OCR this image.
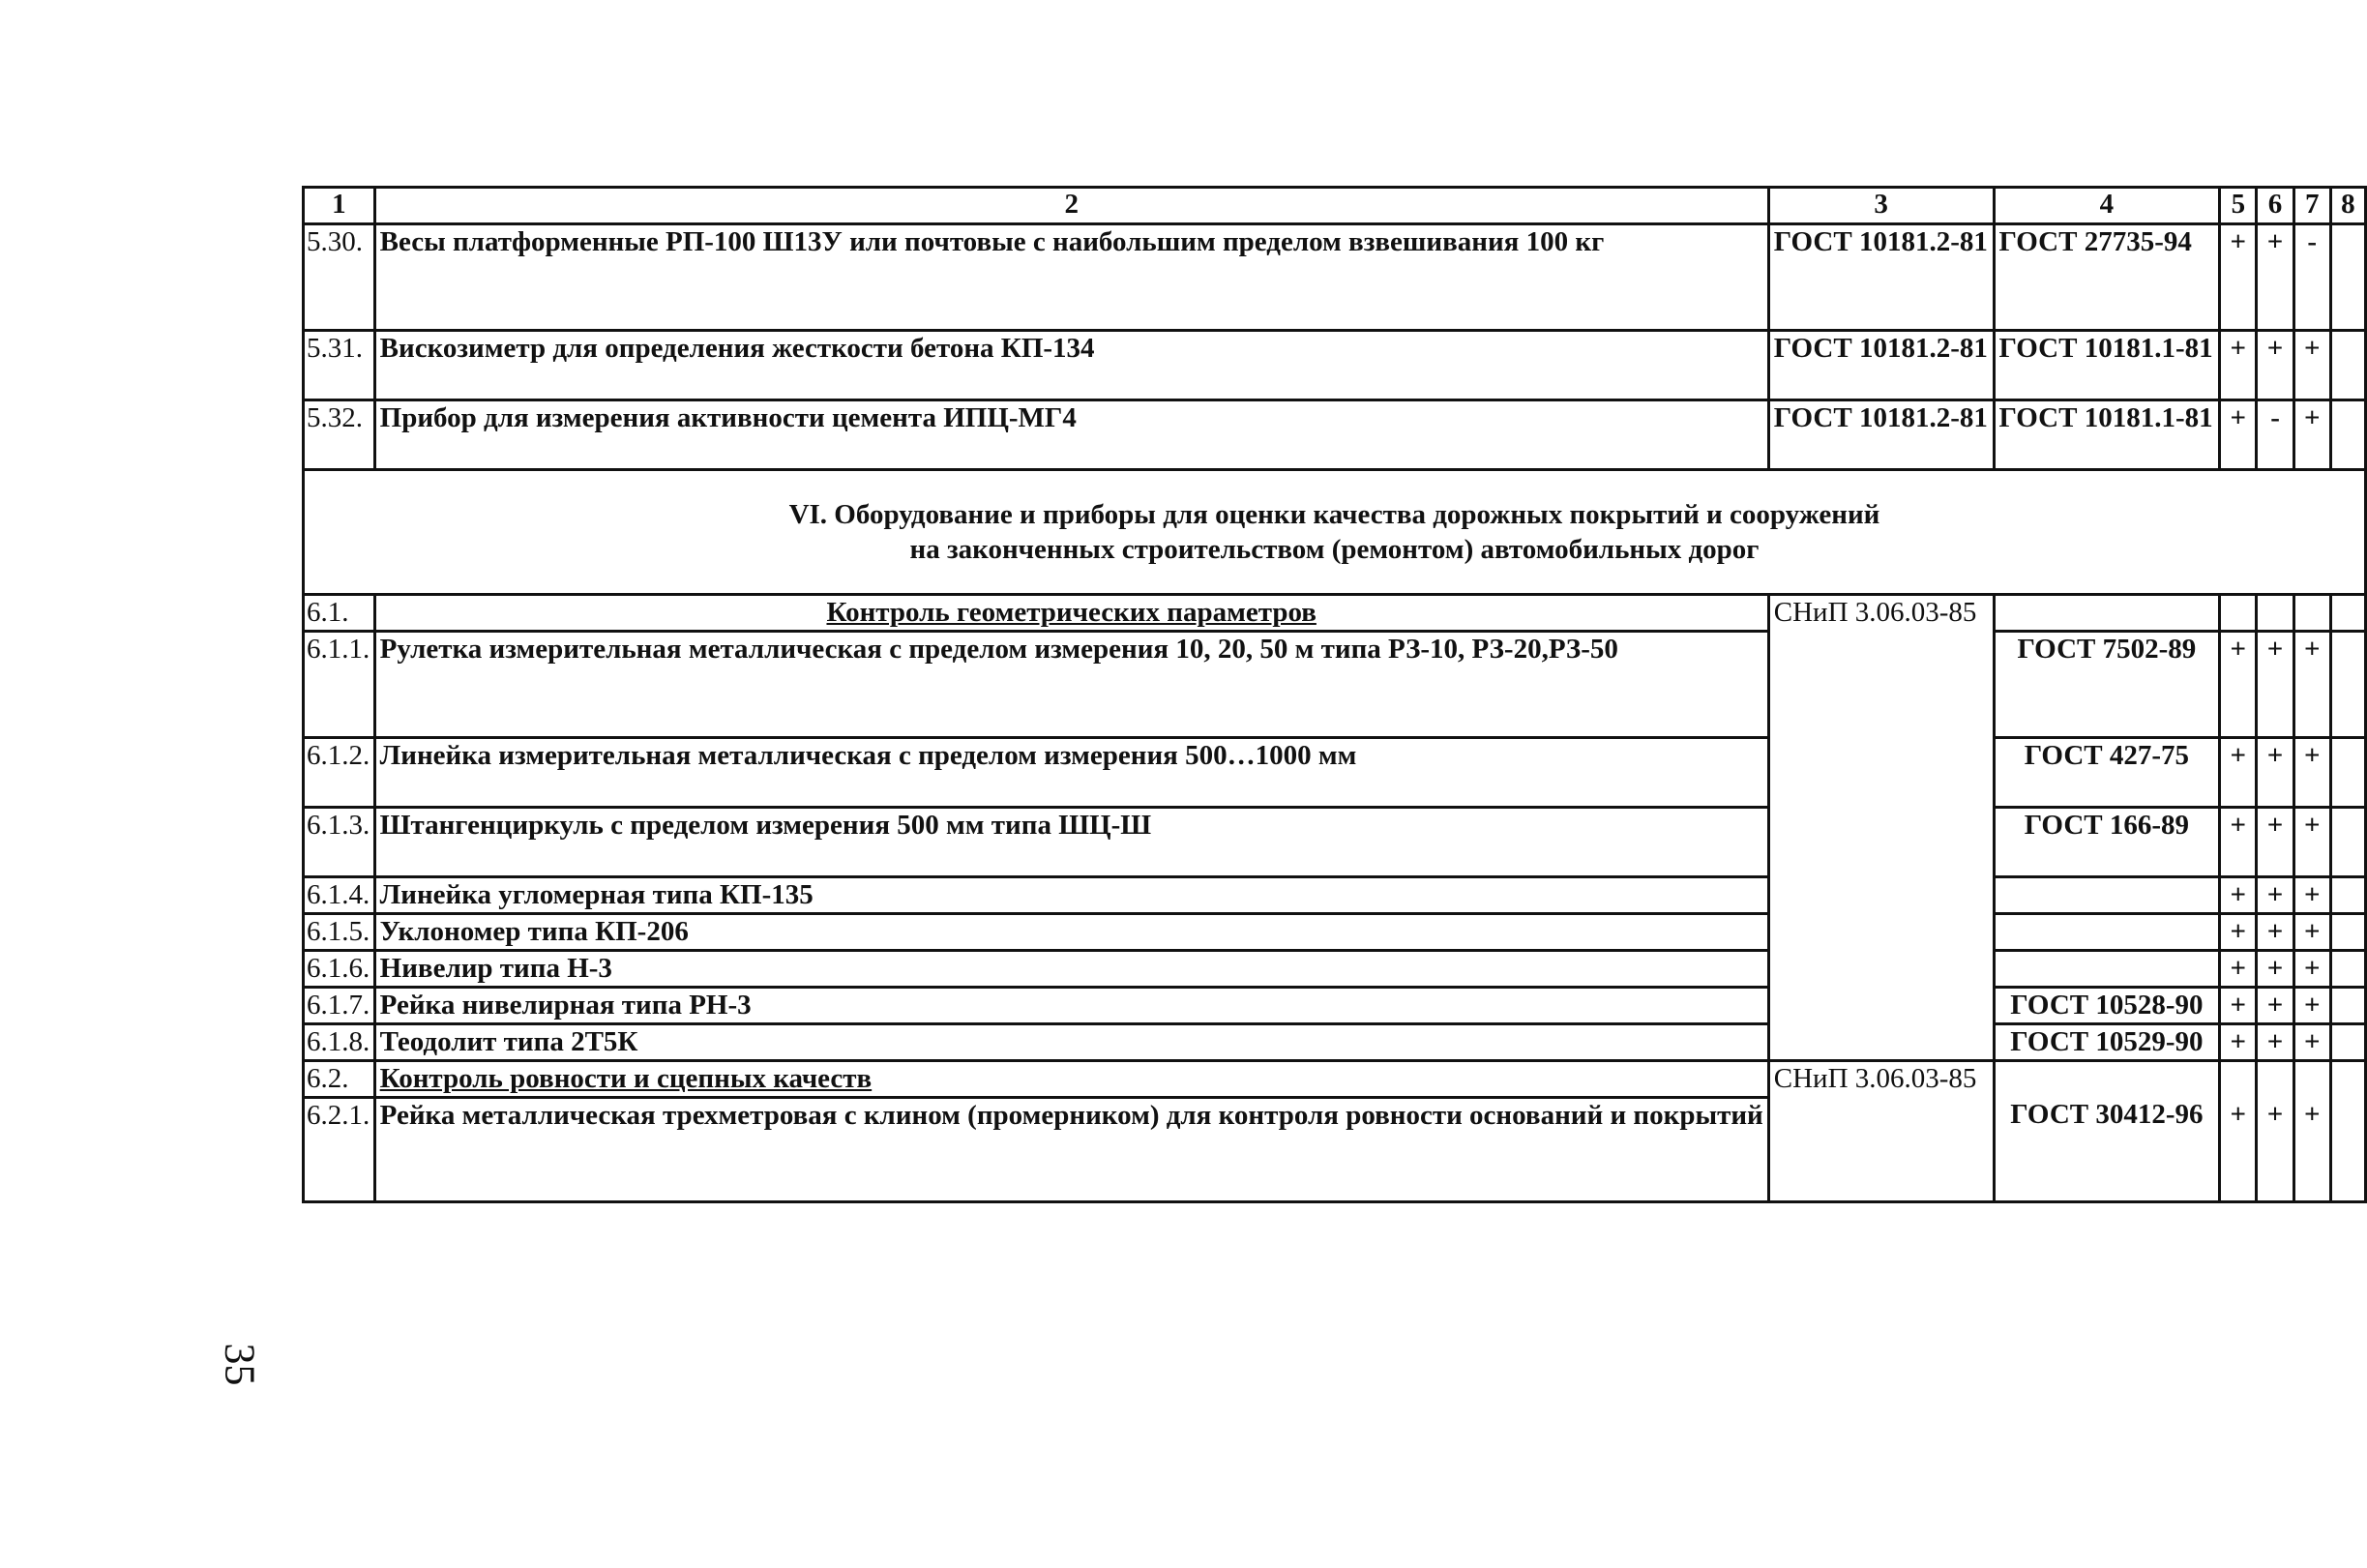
1	2	3	4	5	6	7	8
5.30.	Весы платформенные РП-100 Ш13У или почтовые с наибольшим пределом взвешивания 100 кг	ГОСТ 10181.2-81	ГОСТ 27735-94	+	+	-	
5.31.	Вискозиметр для определения жесткости бетона КП-134	ГОСТ 10181.2-81	ГОСТ 10181.1-81	+	+	+	
5.32.	Прибор для измерения активности цемента ИПЦ-МГ4	ГОСТ 10181.2-81	ГОСТ 10181.1-81	+	-	+	

VI. Оборудование и приборы для оценки качества дорожных покрытий и сооружений
на законченных строительством (ремонтом) автомобильных дорог							

6.1.	Контроль геометрических параметров	СНиП 3.06.03-85					
6.1.1.	Рулетка измерительная металлическая с пределом измерения 10, 20, 50 м типа РЗ-10, РЗ-20,РЗ-50		ГОСТ 7502-89	+	+	+	
6.1.2.	Линейка измерительная металлическая с пределом измерения 500…1000 мм		ГОСТ 427-75	+	+	+	
6.1.3.	Штангенциркуль с пределом измерения 500 мм типа ШЦ-Ш		ГОСТ 166-89	+	+	+	
6.1.4.	Линейка угломерная типа КП-135			+	+	+	
6.1.5.	Уклономер типа КП-206			+	+	+	
6.1.6.	Нивелир типа Н-3			+	+	+	
6.1.7.	Рейка нивелирная типа РН-3		ГОСТ 10528-90	+	+	+	
6.1.8.	Теодолит типа 2Т5К		ГОСТ 10529-90	+	+	+	
6.2.	Контроль ровности и сцепных качеств	СНиП 3.06.03-85					
6.2.1.	Рейка металлическая трехметровая с клином (промерником) для контроля ровности оснований и покрытий		ГОСТ 30412-96	+	+	+	
35
